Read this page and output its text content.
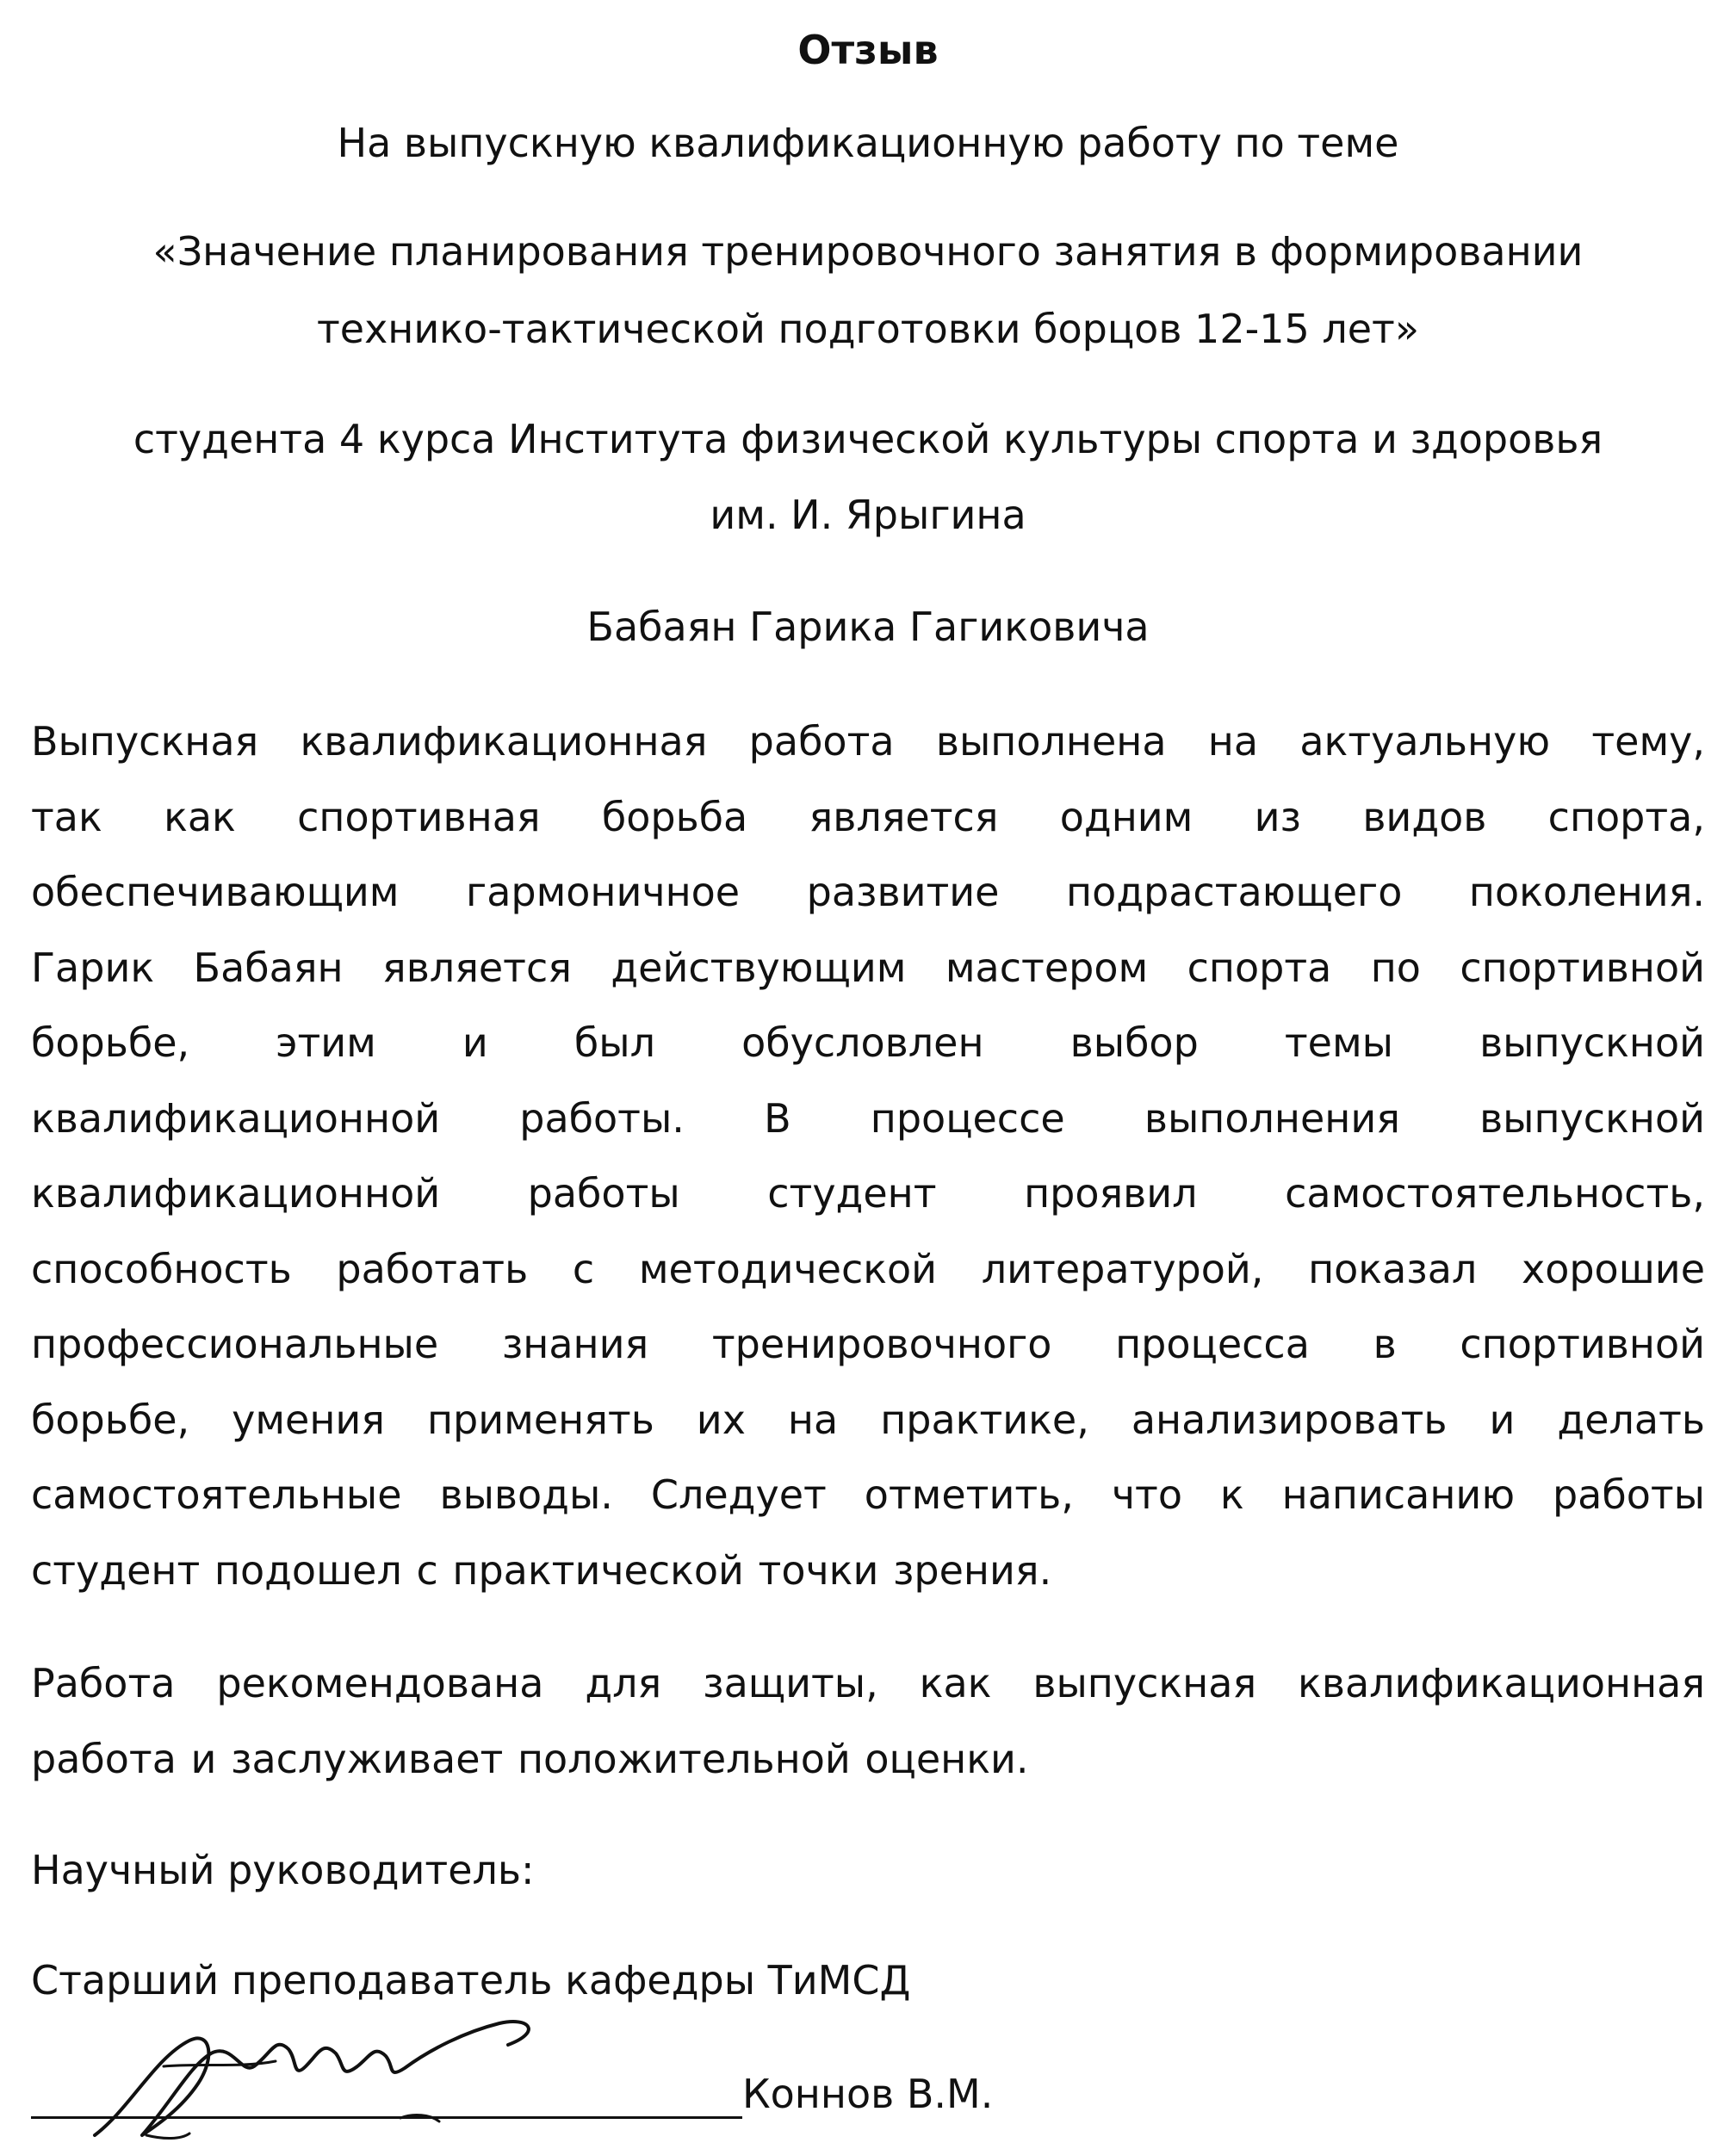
Отзыв
На выпускную квалификационную работу по теме
«Значение планирования тренировочного занятия в формировании
технико-тактической подготовки борцов 12-15 лет»
студента 4 курса Института физической культуры спорта и здоровья
им. И. Ярыгина
Бабаян Гарика Гагиковича
Выпускная квалификационная работа выполнена на актуальную тему,
так как спортивная борьба является одним из видов спорта,
обеспечивающим гармоничное развитие подрастающего поколения.
Гарик Бабаян является действующим мастером спорта по спортивной
борьбе, этим и был обусловлен выбор темы выпускной
квалификационной работы. В процессе выполнения выпускной
квалификационной работы студент проявил самостоятельность,
способность работать с методической литературой, показал хорошие
профессиональные знания тренировочного процесса в спортивной
борьбе, умения применять их на практике, анализировать и делать
самостоятельные выводы. Следует отметить, что к написанию работы
студент подошел с практической точки зрения.
Работа рекомендована для защиты, как выпускная квалификационная
работа и заслуживает положительной оценки.
Научный руководитель:
Старший преподаватель кафедры ТиМСД
Коннов В.М.
